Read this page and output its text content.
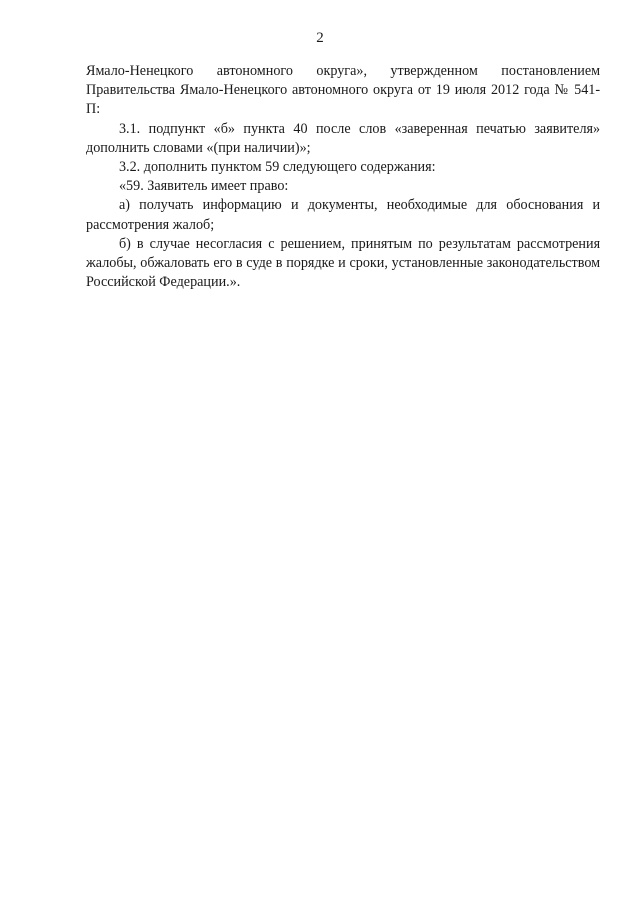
2

Ямало-Ненецкого автономного округа», утвержденном постановлением Правительства Ямало-Ненецкого автономного округа от 19 июля 2012 года № 541-П:

3.1. подпункт «б» пункта 40 после слов «заверенная печатью заявителя» дополнить словами «(при наличии)»;

3.2. дополнить пунктом 59 следующего содержания:

«59. Заявитель имеет право:

а) получать информацию и документы, необходимые для обоснования и рассмотрения жалоб;

б) в случае несогласия с решением, принятым по результатам рассмотрения жалобы, обжаловать его в суде в порядке и сроки, установленные законодательством Российской Федерации.».
